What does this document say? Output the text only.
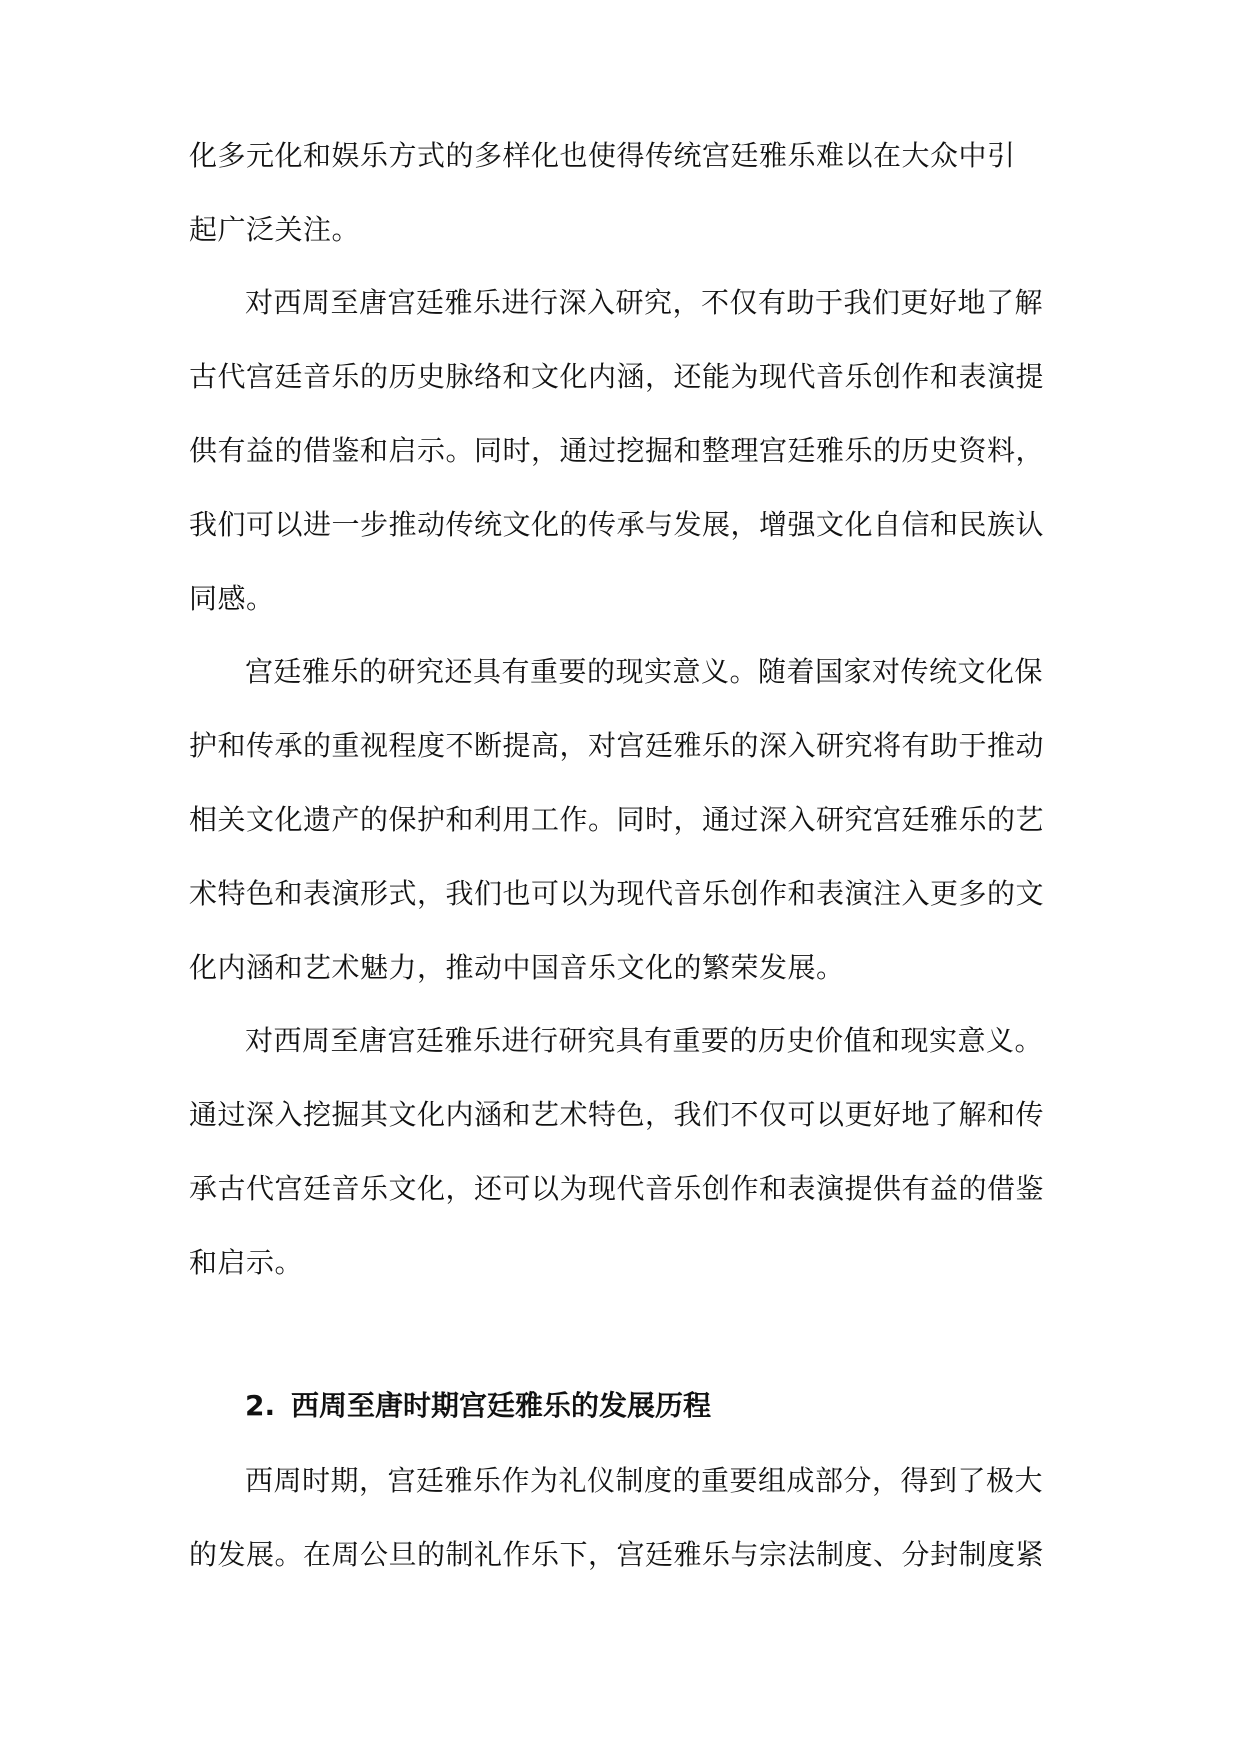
化多元化和娱乐方式的多样化也使得传统宫廷雅乐难以在大众中引
起广泛关注。
对西周至唐宫廷雅乐进行深入研究，不仅有助于我们更好地了解
古代宫廷音乐的历史脉络和文化内涵，还能为现代音乐创作和表演提
供有益的借鉴和启示。同时，通过挖掘和整理宫廷雅乐的历史资料，
我们可以进一步推动传统文化的传承与发展，增强文化自信和民族认
同感。
宫廷雅乐的研究还具有重要的现实意义。随着国家对传统文化保
护和传承的重视程度不断提高，对宫廷雅乐的深入研究将有助于推动
相关文化遗产的保护和利用工作。同时，通过深入研究宫廷雅乐的艺
术特色和表演形式，我们也可以为现代音乐创作和表演注入更多的文
化内涵和艺术魅力，推动中国音乐文化的繁荣发展。
对西周至唐宫廷雅乐进行研究具有重要的历史价值和现实意义。
通过深入挖掘其文化内涵和艺术特色，我们不仅可以更好地了解和传
承古代宫廷音乐文化，还可以为现代音乐创作和表演提供有益的借鉴
和启示。
2. 西周至唐时期宫廷雅乐的发展历程
西周时期，宫廷雅乐作为礼仪制度的重要组成部分，得到了极大
的发展。在周公旦的制礼作乐下，宫廷雅乐与宗法制度、分封制度紧
